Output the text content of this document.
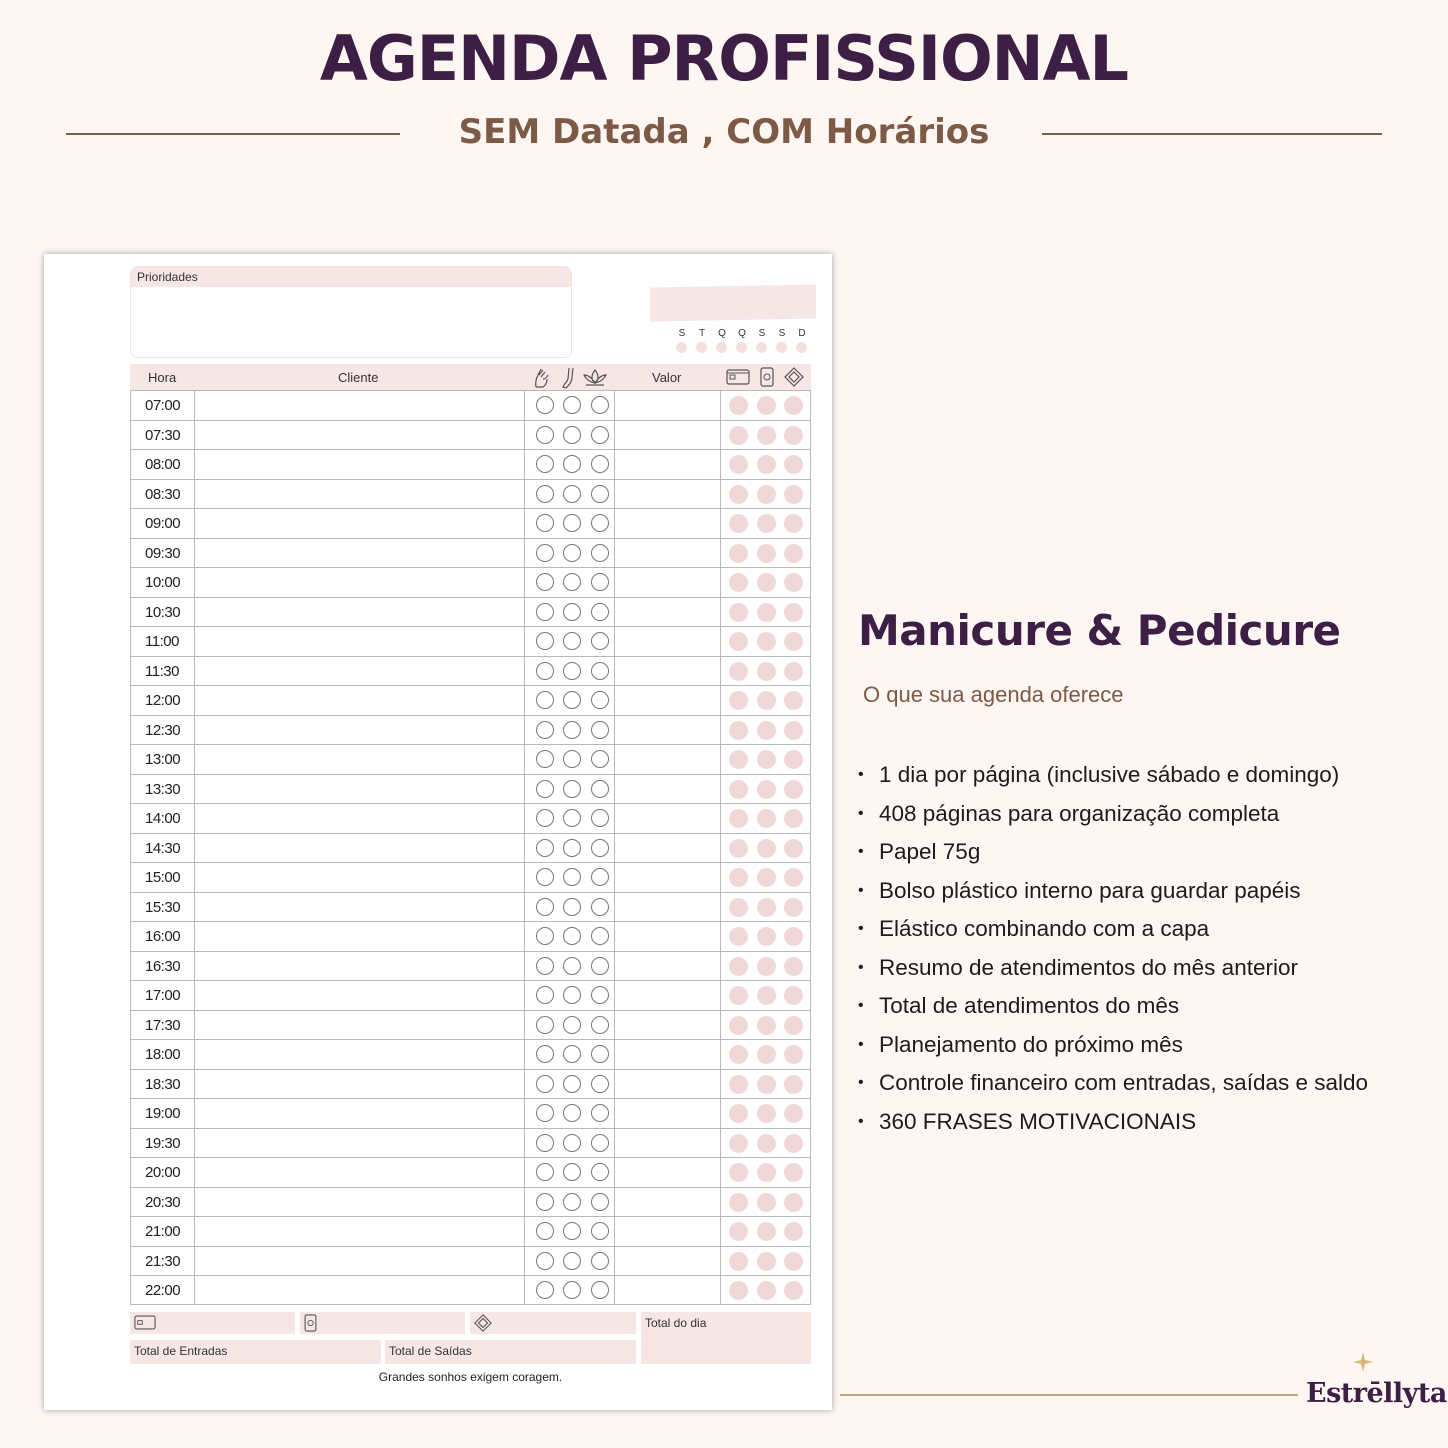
AGENDA PROFISSIONAL
SEM Datada , COM Horários
Prioridades
S	T	Q	Q	S	S	D
Hora	Cliente	Valor
07:00
07:30
08:00
08:30
09:00
09:30
10:00
10:30
11:00
11:30
12:00
12:30
13:00
13:30
14:00
14:30
15:00
15:30
16:00
16:30
17:00
17:30
18:00
18:30
19:00
19:30
20:00
20:30
21:00
21:30
22:00
Total do dia
Total de Entradas	Total de Saídas
Grandes sonhos exigem coragem.
Manicure & Pedicure
O que sua agenda oferece
• 1 dia por página (inclusive sábado e domingo)
• 408 páginas para organização completa
• Papel 75g
• Bolso plástico interno para guardar papéis
• Elástico combinando com a capa
• Resumo de atendimentos do mês anterior
• Total de atendimentos do mês
• Planejamento do próximo mês
• Controle financeiro com entradas, saídas e saldo
• 360 FRASES MOTIVACIONAIS
Estrēllyta
